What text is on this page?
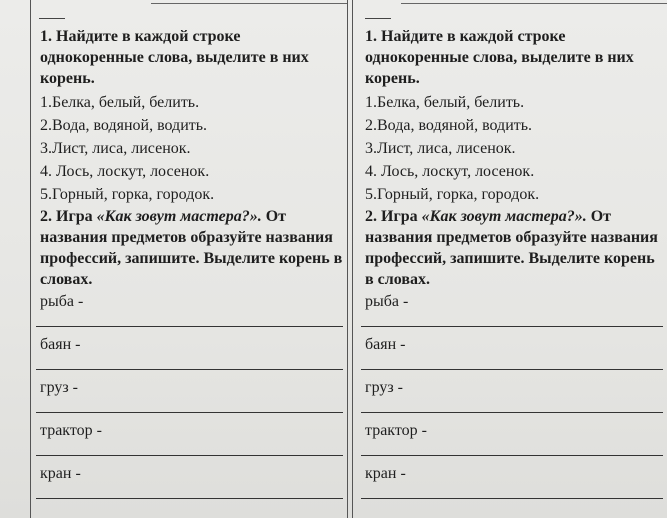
1. Найдите в каждой строке однокоренные слова, выделите в них корень.
1.Белка, белый, белить.
2.Вода, водяной, водить.
3.Лист, лиса, лисенок.
4. Лось, лоскут, лосенок.
5.Горный, горка, городок.
2. Игра «Как зовут мастера?». От названия предметов образуйте названия профессий, запишите. Выделите корень в словах.
рыба -
баян -
груз -
трактор -
кран -
1. Найдите в каждой строке однокоренные слова, выделите в них корень.
1.Белка, белый, белить.
2.Вода, водяной, водить.
3.Лист, лиса, лисенок.
4. Лось, лоскут, лосенок.
5.Горный, горка, городок.
2. Игра «Как зовут мастера?». От названия предметов образуйте названия профессий, запишите. Выделите корень в словах.
рыба -
баян -
груз -
трактор -
кран -
